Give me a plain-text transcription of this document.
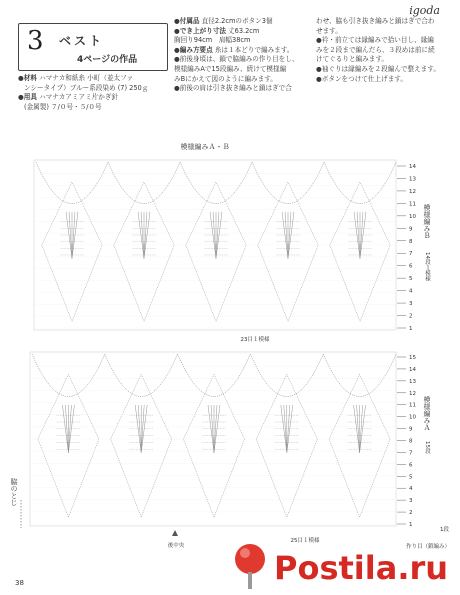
igoda
3 ベスト
4ページの作品
●材料 ハマナカ和紙糸 小町（並太ファ
ンシータイプ）ブルー系段染め (7) 250ｇ
●用具 ハマナカアミアミ片かぎ針
(金属製) ７/０号・５/０号
●付属品 直径2.2cmのボタン3個
●でき上がり寸法 丈63.2cm
胸回り94cm　肩幅38cm
●編み方要点 糸は１本どりで編みます。
●前後身頃は、鎖で脇編みの作り目をし、
模様編みAで15段編み、続けて模様編
みBにかえて図のように編みます。
●前後の肩は引き抜き編みと鎖はぎで合
わせ、脇も引き抜き編みと鎖はぎで合わ
せます。
●衿・前立ては縁編みで拾い目し、縁編
みを２段まで編んだら、３段めは前に続
けてぐるりと編みます。
●袖ぐりは縁編みを２段編んで整えます。
●ボタンをつけて仕上げます。
模様編みＡ・Ｂ
23目１模様
14
13
12
11
10
9
8
7
6
5
4
3
2
1
15
14
13
12
11
10
9
8
7
6
5
4
3
2
1
模様編みＢ
14段１模様
模様編みＡ
15段
脇のとじ
後中央
25目１模様
作り目（鎖編み）
1段
38	Postila.ru
